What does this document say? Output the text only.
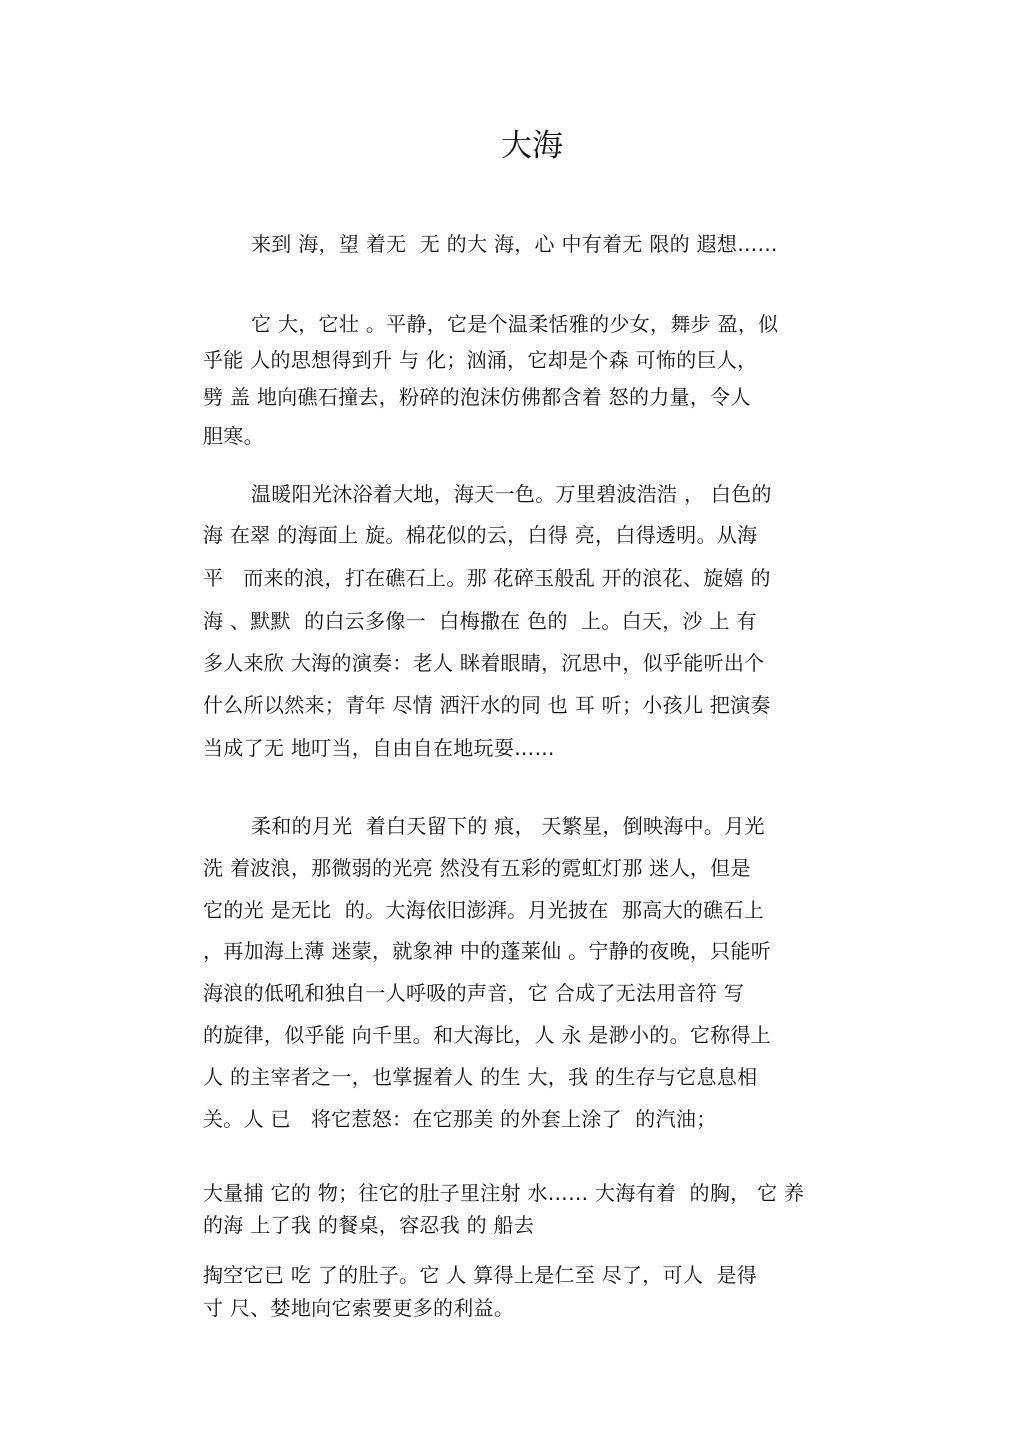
大海
来到 海，望 着无  无 的大 海，心 中有着无 限的 遐想……
它 大，它壮 。平静，它是个温柔恬雅的少女，舞步 盈，似
乎能 人的思想得到升 与 化；汹涌，它却是个森 可怖的巨人，
劈 盖 地向礁石撞去，粉碎的泡沫仿佛都含着 怒的力量，令人
胆寒。
温暖阳光沐浴着大地，海天一色。万里碧波浩浩 ， 白色的
海 在翠 的海面上 旋。棉花似的云，白得 亮，白得透明。从海
平   而来的浪，打在礁石上。那 花碎玉般乱 开的浪花、旋嬉 的
海 、默默  的白云多像一  白梅撒在 色的  上。白天，沙 上 有
多人来欣 大海的演奏：老人 眯着眼睛，沉思中，似乎能听出个
什么所以然来；青年 尽情 洒汗水的同 也 耳 听；小孩儿 把演奏
当成了无 地叮当，自由自在地玩耍……
柔和的月光  着白天留下的 痕， 天繁星，倒映海中。月光
洗 着波浪，那微弱的光亮 然没有五彩的霓虹灯那 迷人，但是
它的光 是无比  的。大海依旧澎湃。月光披在  那高大的礁石上
，再加海上薄 迷蒙，就象神 中的蓬莱仙 。宁静的夜晚，只能听
海浪的低吼和独自一人呼吸的声音，它 合成了无法用音符 写
的旋律，似乎能 向千里。和大海比，人 永 是渺小的。它称得上
人 的主宰者之一，也掌握着人 的生 大，我 的生存与它息息相
关。人 已   将它惹怒：在它那美 的外套上涂了  的汽油；
大量捕 它的 物；往它的肚子里注射 水…… 大海有着  的胸， 它 养
的海 上了我 的餐桌，容忍我 的 船去
掏空它已 吃 了的肚子。它 人 算得上是仁至 尽了，可人  是得
寸 尺、婪地向它索要更多的利益。
